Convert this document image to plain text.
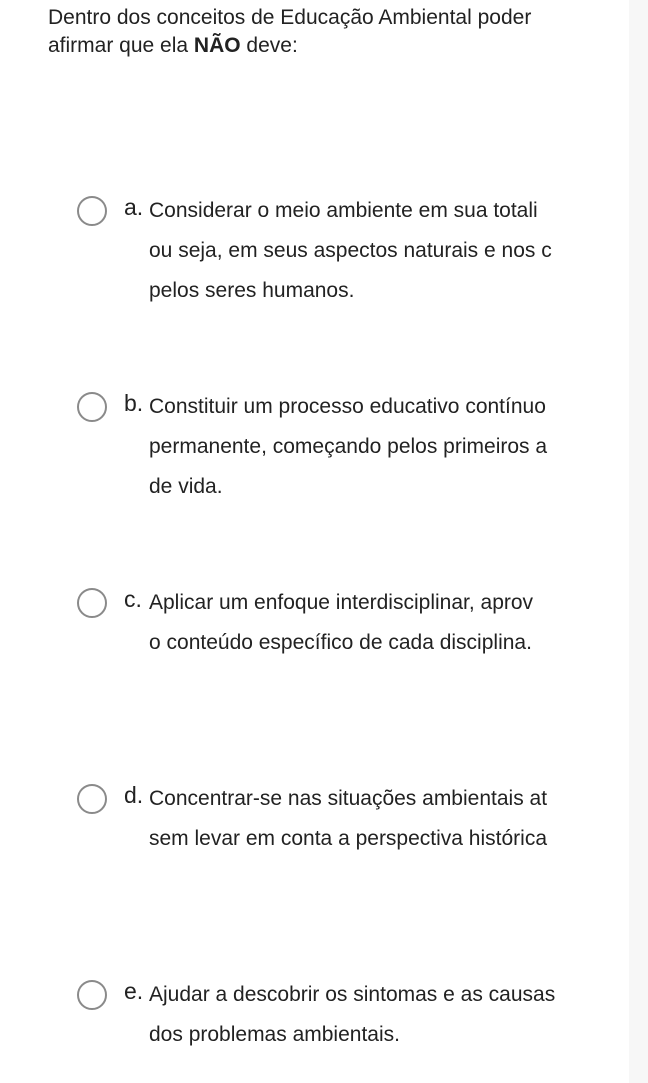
Dentro dos conceitos de Educação Ambiental poder
afirmar que ela NÃO deve:
a. Considerar o meio ambiente em sua totali
ou seja, em seus aspectos naturais e nos c
pelos seres humanos.
b. Constituir um processo educativo contínuo
permanente, começando pelos primeiros a
de vida.
c. Aplicar um enfoque interdisciplinar, aprov
o conteúdo específico de cada disciplina.
d. Concentrar-se nas situações ambientais at
sem levar em conta a perspectiva histórica
e. Ajudar a descobrir os sintomas e as causas
dos problemas ambientais.
